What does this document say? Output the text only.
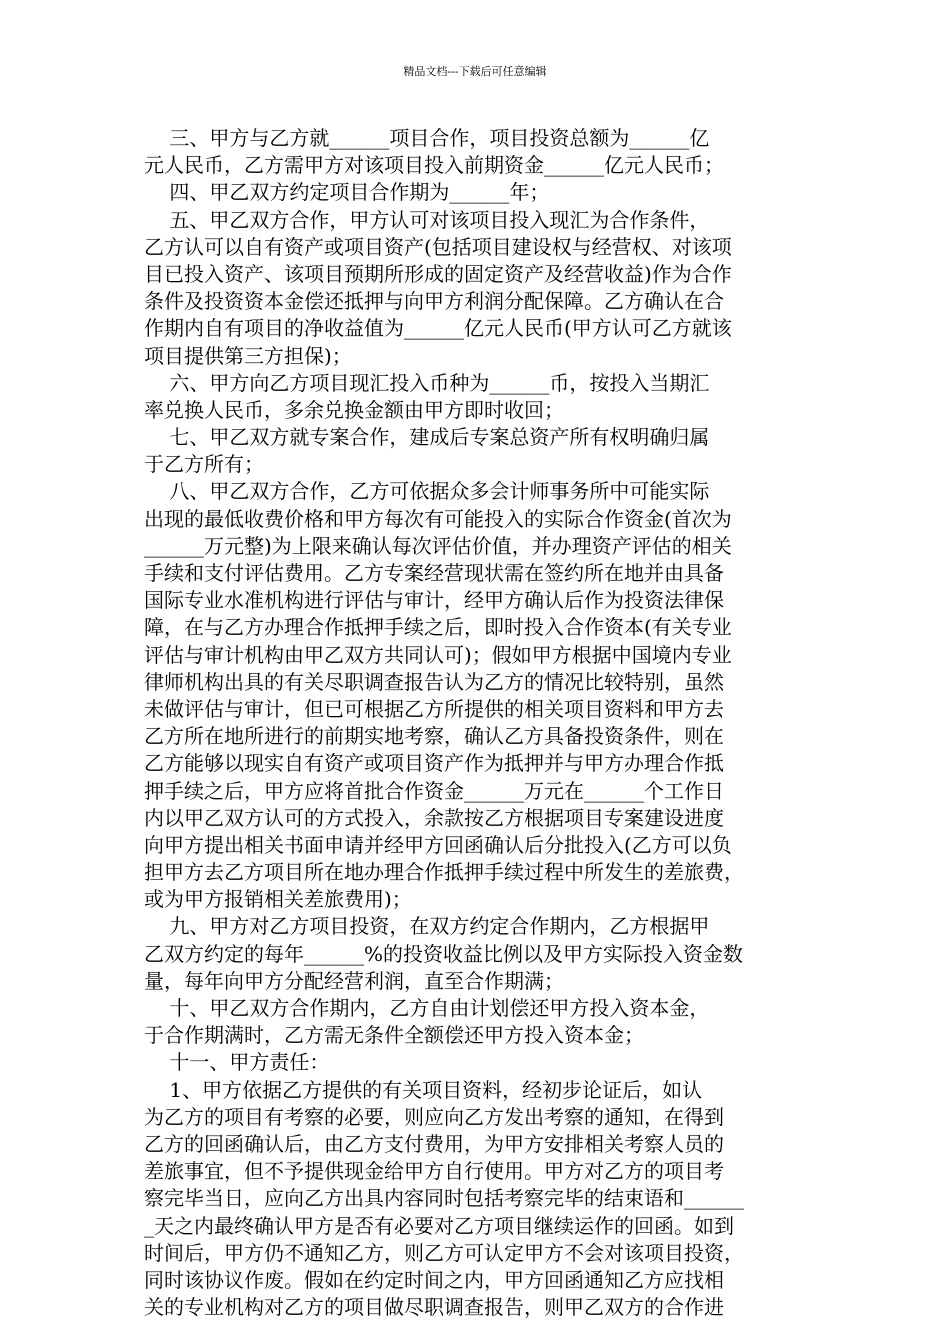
精品文档---下载后可任意编辑
三、甲方与乙方就______项目合作，项目投资总额为______亿
元人民币，乙方需甲方对该项目投入前期资金______亿元人民币；
四、甲乙双方约定项目合作期为______年；
五、甲乙双方合作，甲方认可对该项目投入现汇为合作条件，
乙方认可以自有资产或项目资产(包括项目建设权与经营权、对该项
目已投入资产、该项目预期所形成的固定资产及经营收益)作为合作
条件及投资资本金偿还抵押与向甲方利润分配保障。乙方确认在合
作期内自有项目的净收益值为______亿元人民币(甲方认可乙方就该
项目提供第三方担保)；
六、甲方向乙方项目现汇投入币种为______币，按投入当期汇
率兑换人民币，多余兑换金额由甲方即时收回；
七、甲乙双方就专案合作，建成后专案总资产所有权明确归属
于乙方所有；
八、甲乙双方合作，乙方可依据众多会计师事务所中可能实际
出现的最低收费价格和甲方每次有可能投入的实际合作资金(首次为
______万元整)为上限来确认每次评估价值，并办理资产评估的相关
手续和支付评估费用。乙方专案经营现状需在签约所在地并由具备
国际专业水准机构进行评估与审计，经甲方确认后作为投资法律保
障，在与乙方办理合作抵押手续之后，即时投入合作资本(有关专业
评估与审计机构由甲乙双方共同认可)；假如甲方根据中国境内专业
律师机构出具的有关尽职调查报告认为乙方的情况比较特别，虽然
未做评估与审计，但已可根据乙方所提供的相关项目资料和甲方去
乙方所在地所进行的前期实地考察，确认乙方具备投资条件，则在
乙方能够以现实自有资产或项目资产作为抵押并与甲方办理合作抵
押手续之后，甲方应将首批合作资金______万元在______个工作日
内以甲乙双方认可的方式投入，余款按乙方根据项目专案建设进度
向甲方提出相关书面申请并经甲方回函确认后分批投入(乙方可以负
担甲方去乙方项目所在地办理合作抵押手续过程中所发生的差旅费，
或为甲方报销相关差旅费用)；
九、甲方对乙方项目投资，在双方约定合作期内，乙方根据甲
乙双方约定的每年______%的投资收益比例以及甲方实际投入资金数
量，每年向甲方分配经营利润，直至合作期满；
十、甲乙双方合作期内，乙方自由计划偿还甲方投入资本金，
于合作期满时，乙方需无条件全额偿还甲方投入资本金；
十一、甲方责任：
1、甲方依据乙方提供的有关项目资料，经初步论证后，如认
为乙方的项目有考察的必要，则应向乙方发出考察的通知，在得到
乙方的回函确认后，由乙方支付费用，为甲方安排相关考察人员的
差旅事宜，但不予提供现金给甲方自行使用。甲方对乙方的项目考
察完毕当日，应向乙方出具内容同时包括考察完毕的结束语和______
_天之内最终确认甲方是否有必要对乙方项目继续运作的回函。如到
时间后，甲方仍不通知乙方，则乙方可认定甲方不会对该项目投资，
同时该协议作废。假如在约定时间之内，甲方回函通知乙方应找相
关的专业机构对乙方的项目做尽职调查报告，则甲乙双方的合作进
